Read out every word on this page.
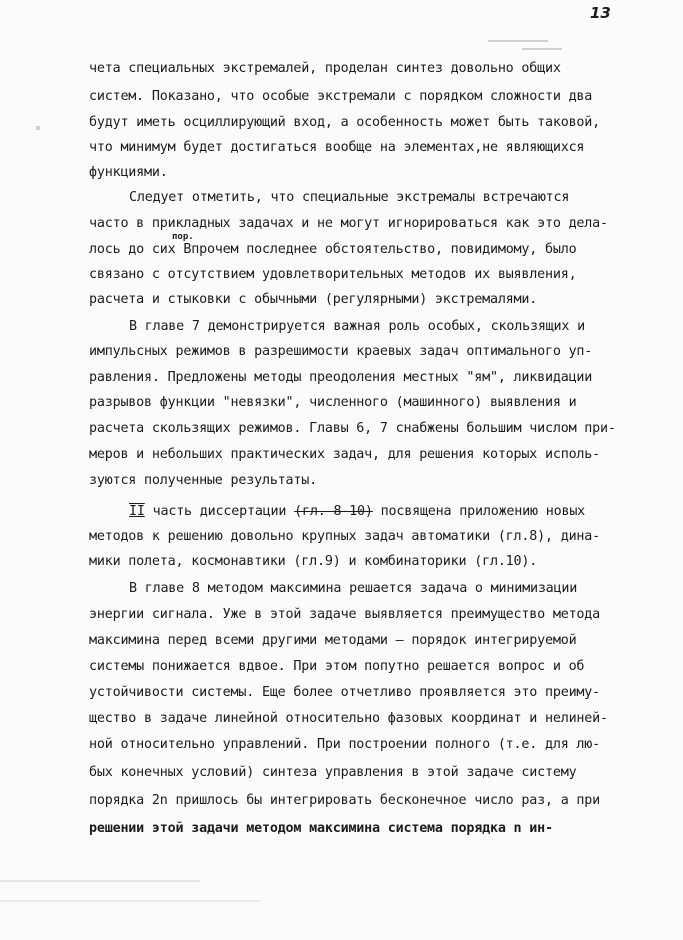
13
чета специальных экстремалей, проделан синтез довольно общих
систем. Показано, что особые экстремали с порядком сложности два
будут иметь осциллирующий вход, а особенность может быть таковой,
что минимум будет достигаться вообще на элементах,не являющихся
функциями.
Следует отметить, что специальные экстремалы встречаются
часто в прикладных задачах и не могут игнорироваться как это дела-
лось до сих Впрочем последнее обстоятельство, повидимому, было
пор.
связано с отсутствием удовлетворительных методов их выявления,
расчета и стыковки с обычными (регулярными) экстремалями.
В главе 7 демонстрируется важная роль особых, скользящих и
импульсных режимов в разрешимости краевых задач оптимального уп-
равления. Предложены методы преодоления местных "ям", ликвидации
разрывов функции "невязки", численного (машинного) выявления и
расчета скользящих режимов. Главы 6, 7 снабжены большим числом при-
меров и небольших практических задач, для решения которых исполь-
зуются полученные результаты.
II часть диссертации (гл. 8-10) посвящена приложению новых
методов к решению довольно крупных задач автоматики (гл.8), дина-
мики полета, космонавтики (гл.9) и комбинаторики (гл.10).
В главе 8 методом максимина решается задача о минимизации
энергии сигнала. Уже в этой задаче выявляется преимущество метода
максимина перед всеми другими методами – порядок интегрируемой
системы понижается вдвое. При этом попутно решается вопрос и об
устойчивости системы. Еще более отчетливо проявляется это преиму-
щество в задаче линейной относительно фазовых координат и нелиней-
ной относительно управлений. При построении полного (т.е. для лю-
бых конечных условий) синтеза управления в этой задаче систему
порядка 2n пришлось бы интегрировать бесконечное число раз, а при
решении этой задачи методом максимина система порядка n ин-
